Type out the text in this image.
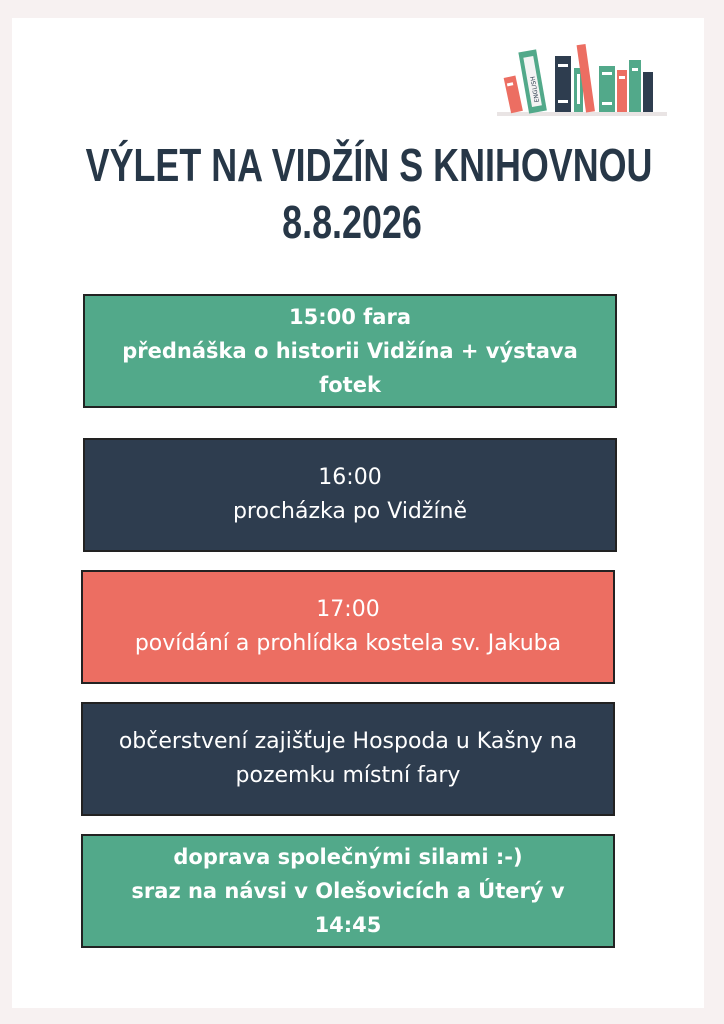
ENGLISH
VÝLET NA VIDŽÍN S KNIHOVNOU
8.8.2026
15:00 fara
přednáška o historii Vidžína + výstava
fotek
16:00
procházka po Vidžíně
17:00
povídání a prohlídka kostela sv. Jakuba
občerstvení zajišťuje Hospoda u Kašny na
pozemku místní fary
doprava společnými silami :-)
sraz na návsi v Olešovicích a Úterý v
14:45
